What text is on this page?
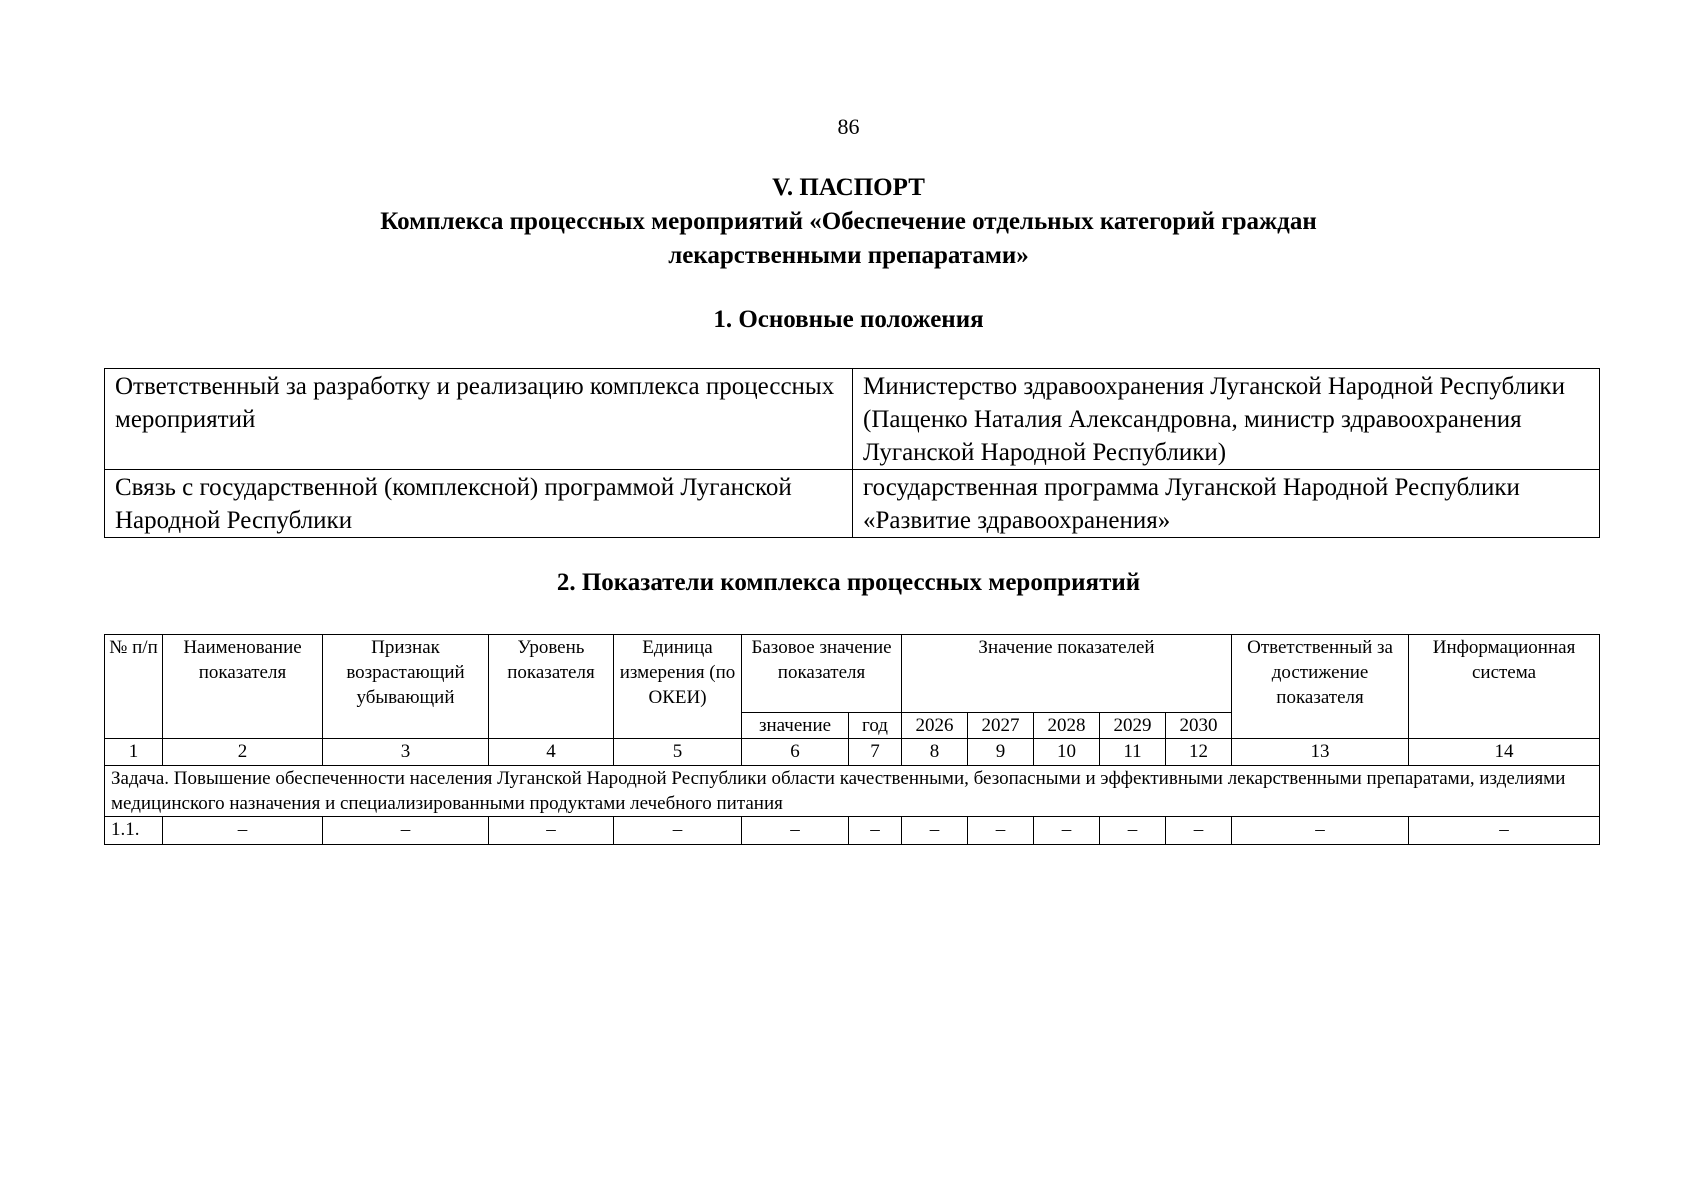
86
V. ПАСПОРТ
Комплекса процессных мероприятий «Обеспечение отдельных категорий граждан
лекарственными препаратами»
1. Основные положения
Ответственный за разработку и реализацию комплекса процессных мероприятий	Министерство здравоохранения Луганской Народной Республики (Пащенко Наталия Александровна, министр здравоохранения Луганской Народной Республики)
Связь с государственной (комплексной) программой Луганской Народной Республики	государственная программа Луганской Народной Республики «Развитие здравоохранения»
2. Показатели комплекса процессных мероприятий
№ п/п	Наименование показателя	Признак возрастающий убывающий	Уровень показателя	Единица измерения (по ОКЕИ)	Базовое значение показателя		Значение показателей					Ответственный за достижение показателя	Информационная система
					значение	год	2026	2027	2028	2029	2030		
1	2	3	4	5	6	7	8	9	10	11	12	13	14
Задача. Повышение обеспеченности населения Луганской Народной Республики области качественными, безопасными и эффективными лекарственными препаратами, изделиями медицинского назначения и специализированными продуктами лечебного питания													
1.1.	–	–	–	–	–	–	–	–	–	–	–	–	–
